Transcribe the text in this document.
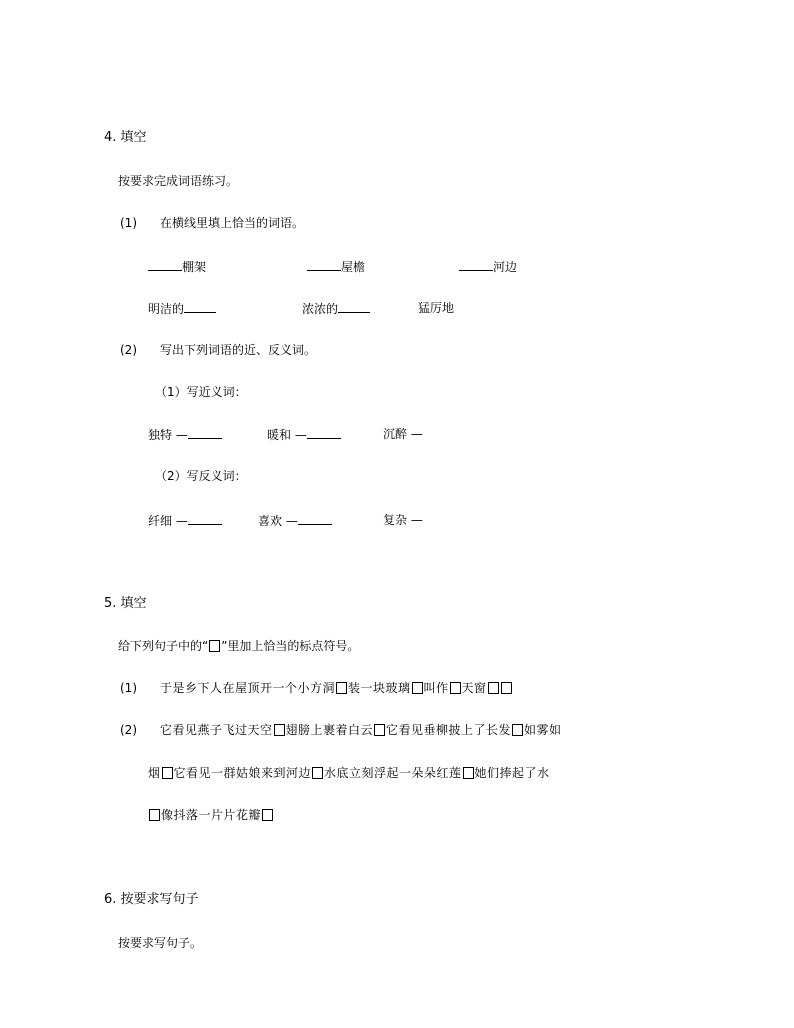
4. 填空
按要求完成词语练习。
(1) 在横线里填上恰当的词语。
棚架	屋檐	河边
明洁的	浓浓的	猛厉地
(2) 写出下列词语的近、反义词。
（1）写近义词：
独特 —	暖和 —	沉醉 —
（2）写反义词：
纤细 —	喜欢 —	复杂 —
5. 填空
给下列句子中的“ ”里加上恰当的标点符号。
(1) 于是乡下人在屋顶开一个小方洞 装一块玻璃 叫作 天窗
(2) 它看见燕子飞过天空 翅膀上裹着白云 它看见垂柳披上了长发 如雾如
烟 它看见一群姑娘来到河边 水底立刻浮起一朵朵红莲 她们捧起了水
像抖落一片片花瓣
6. 按要求写句子
按要求写句子。
